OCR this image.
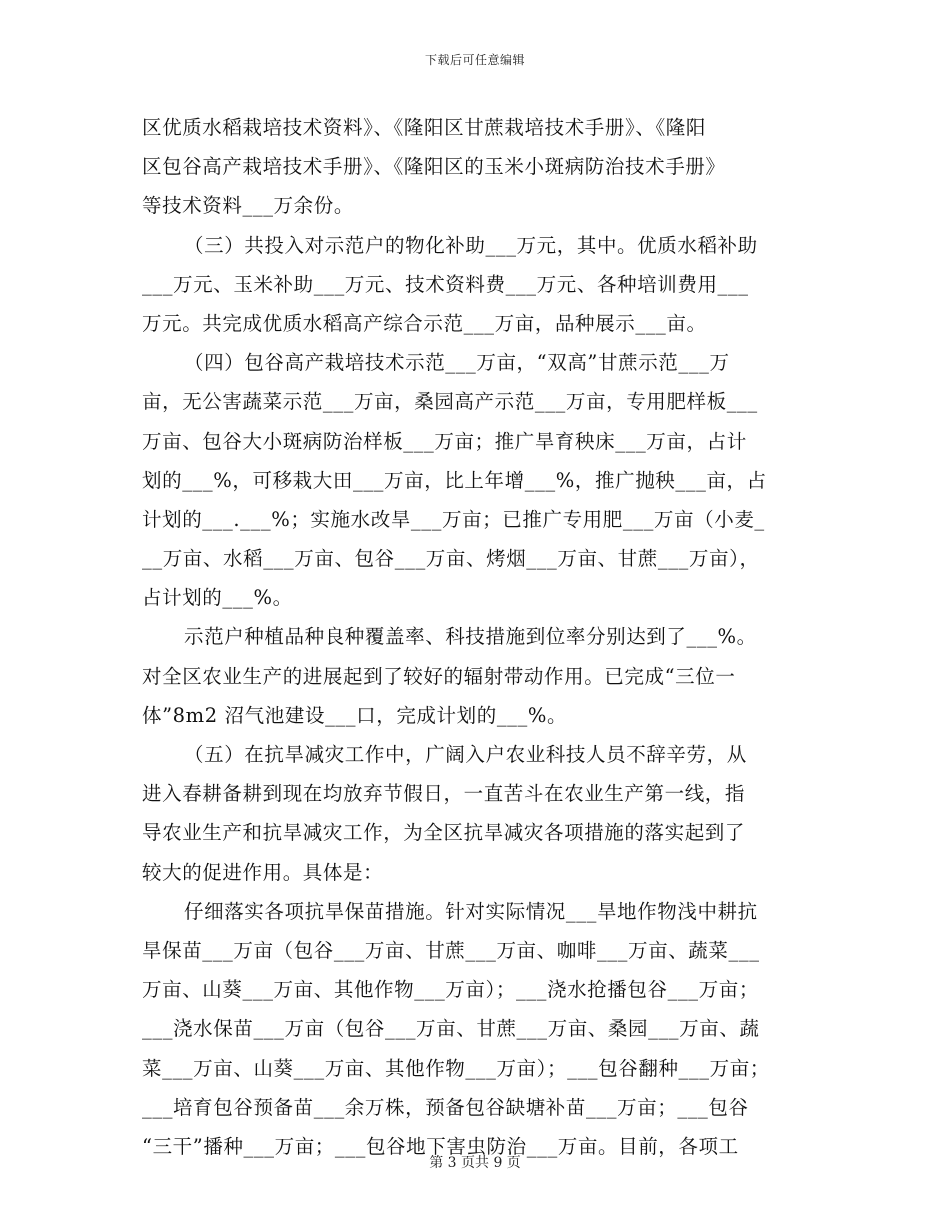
下载后可任意编辑
区优质水稻栽培技术资料》、《隆阳区甘蔗栽培技术手册》、《隆阳
区包谷高产栽培技术手册》、《隆阳区的玉米小斑病防治技术手册》
等技术资料___万余份。
（三）共投入对示范户的物化补助___万元，其中。优质水稻补助
___万元、玉米补助___万元、技术资料费___万元、各种培训费用___
万元。共完成优质水稻高产综合示范___万亩，品种展示___亩。
（四）包谷高产栽培技术示范___万亩，“双高”甘蔗示范___万
亩，无公害蔬菜示范___万亩，桑园高产示范___万亩，专用肥样板___
万亩、包谷大小斑病防治样板___万亩；推广旱育秧床___万亩，占计
划的___%，可移栽大田___万亩，比上年增___%，推广抛秧___亩，占
计划的___.___%；实施水改旱___万亩；已推广专用肥___万亩（小麦_
__万亩、水稻___万亩、包谷___万亩、烤烟___万亩、甘蔗___万亩），
占计划的___%。
示范户种植品种良种覆盖率、科技措施到位率分别达到了___%。
对全区农业生产的进展起到了较好的辐射带动作用。已完成“三位一
体”8m2 沼气池建设___口，完成计划的___%。
（五）在抗旱减灾工作中，广阔入户农业科技人员不辞辛劳，从
进入春耕备耕到现在均放弃节假日，一直苦斗在农业生产第一线，指
导农业生产和抗旱减灾工作，为全区抗旱减灾各项措施的落实起到了
较大的促进作用。具体是：
仔细落实各项抗旱保苗措施。针对实际情况___旱地作物浅中耕抗
旱保苗___万亩（包谷___万亩、甘蔗___万亩、咖啡___万亩、蔬菜___
万亩、山葵___万亩、其他作物___万亩）；___浇水抢播包谷___万亩；
___浇水保苗___万亩（包谷___万亩、甘蔗___万亩、桑园___万亩、蔬
菜___万亩、山葵___万亩、其他作物___万亩）；___包谷翻种___万亩；
___培育包谷预备苗___余万株，预备包谷缺塘补苗___万亩；___包谷
“三干”播种___万亩；___包谷地下害虫防治___万亩。目前，各项工
第 3 页共 9 页
